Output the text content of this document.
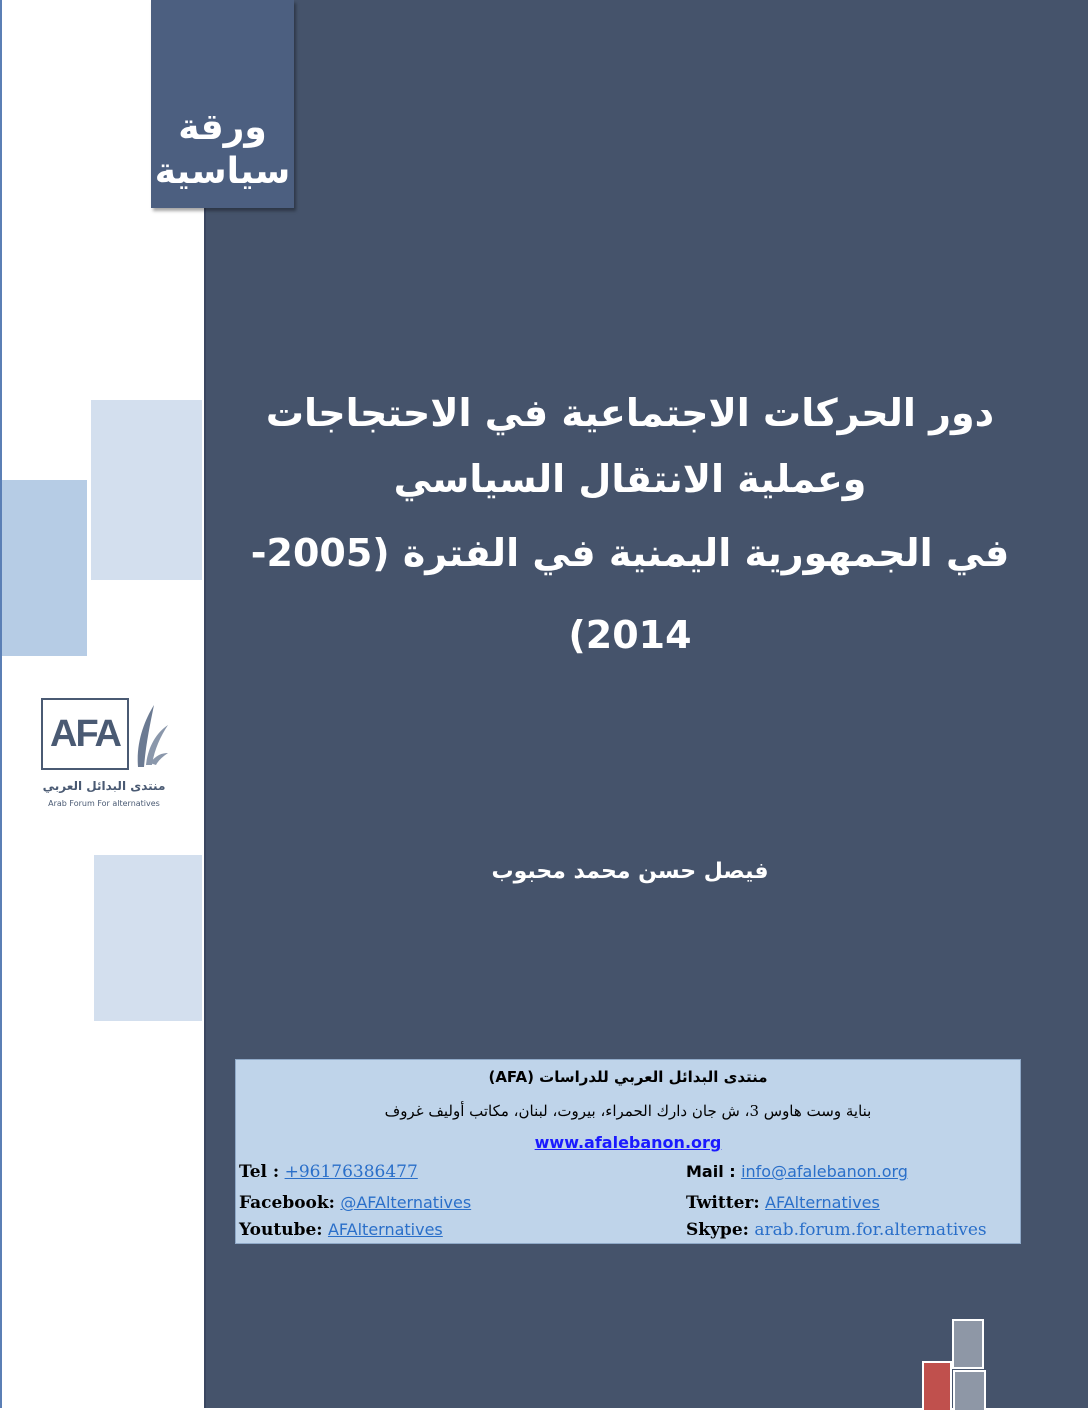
ورقة
سياسية
دور الحركات الاجتماعية في الاحتجاجات
وعملية الانتقال السياسي
في الجمهورية اليمنية في الفترة (2005-2014)
فيصل حسن محمد محبوب
AFA
منتدى البدائل العربي
Arab Forum For alternatives
منتدى البدائل العربي للدراسات (AFA)
بناية وست هاوس 3، ش جان دارك الحمراء، بيروت، لبنان، مكاتب أوليف غروف
www.afalebanon.org
Tel : +96176386477	Mail : info@afalebanon.org
Facebook: @AFAlternatives	Twitter: AFAlternatives
Youtube: AFAlternatives	Skype: arab.forum.for.alternatives
